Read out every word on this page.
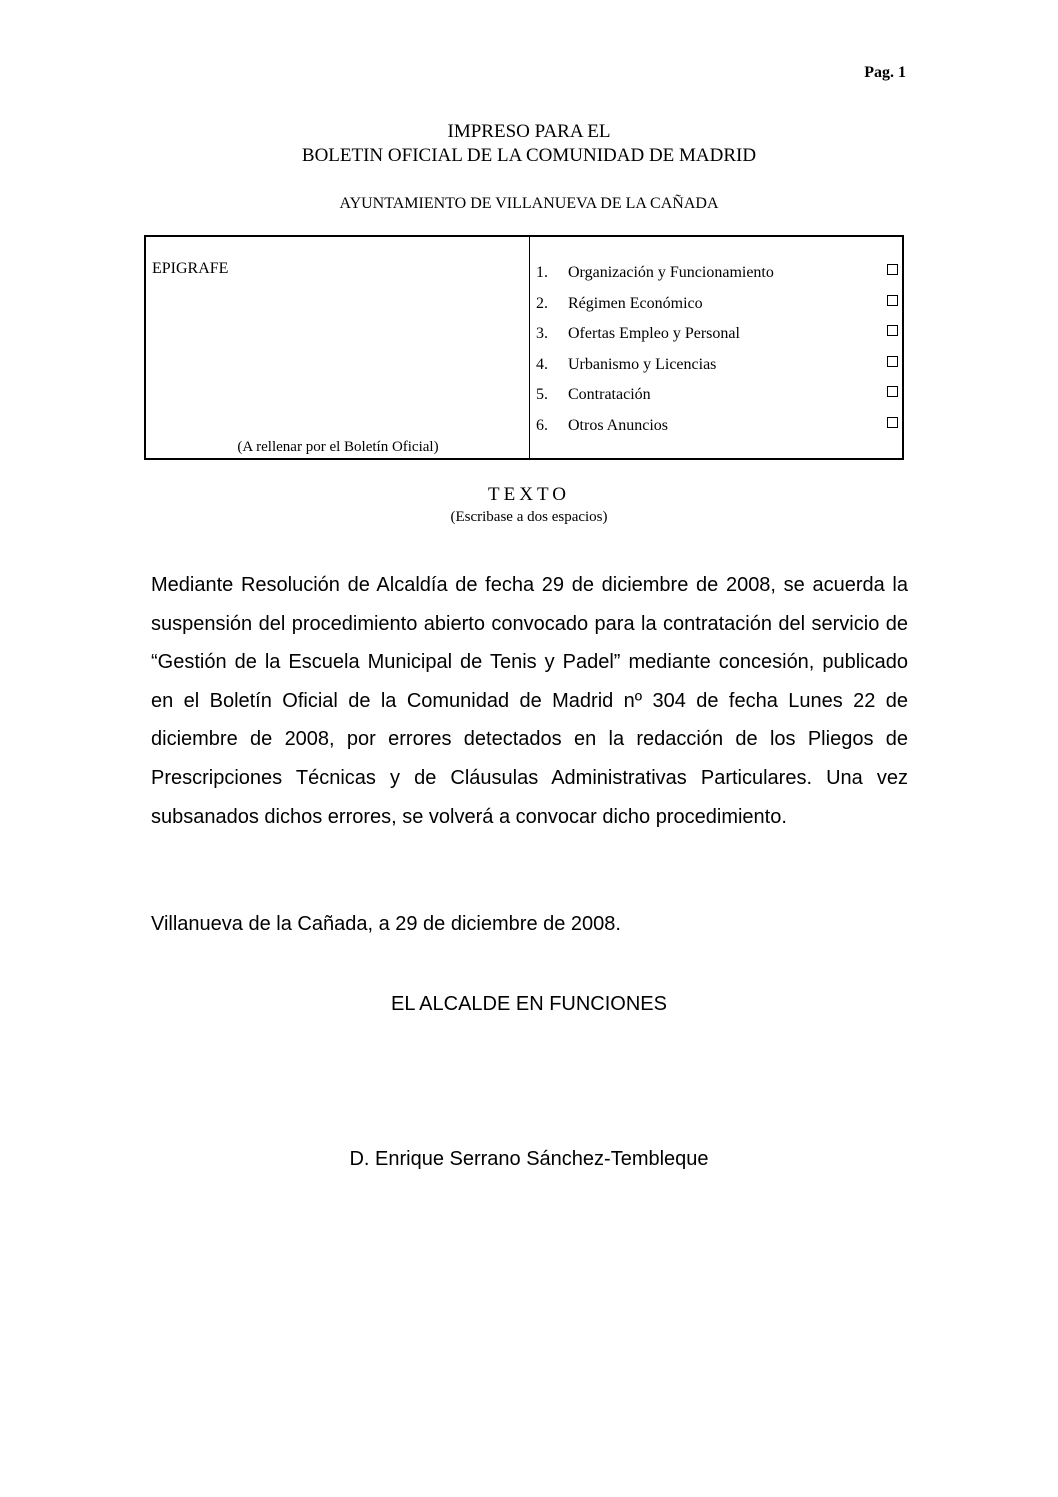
Pag. 1
IMPRESO PARA EL
BOLETIN OFICIAL DE LA COMUNIDAD DE MADRID
AYUNTAMIENTO DE VILLANUEVA DE LA CAÑADA
EPIGRAFE
(A rellenar por el Boletín Oficial)
1. Organización y Funcionamiento
2. Régimen Económico
3. Ofertas Empleo y Personal
4. Urbanismo y Licencias
5. Contratación
6. Otros Anuncios
TEXTO
(Escribase a dos espacios)

Mediante Resolución de Alcaldía de fecha 29 de diciembre de 2008, se acuerda la suspensión del procedimiento abierto convocado para la contratación del servicio de “Gestión de la Escuela Municipal de Tenis y Padel” mediante concesión, publicado en el Boletín Oficial de la Comunidad de Madrid nº 304 de fecha Lunes 22 de diciembre de 2008, por errores detectados en la redacción de los Pliegos de Prescripciones Técnicas y de Cláusulas Administrativas Particulares. Una vez subsanados dichos errores, se volverá a convocar dicho procedimiento.

Villanueva de la Cañada, a 29 de diciembre de 2008.
EL ALCALDE EN FUNCIONES
D. Enrique Serrano Sánchez-Tembleque
